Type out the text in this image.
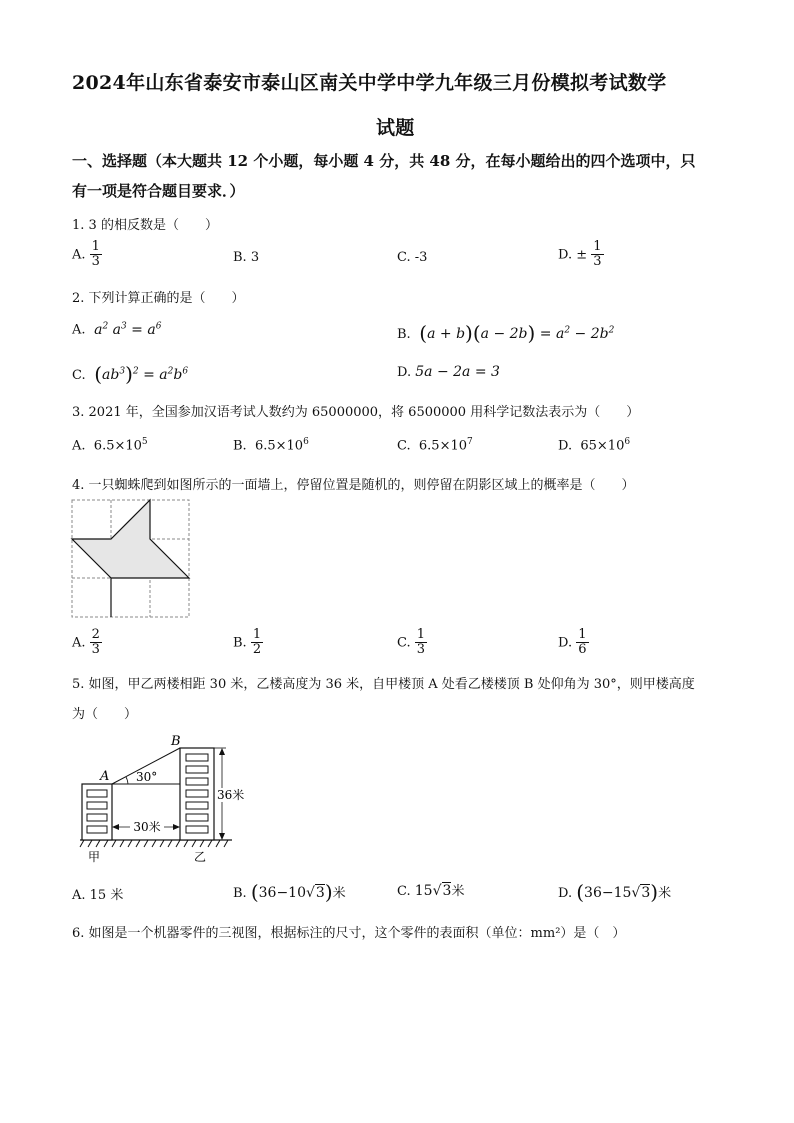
2024年山东省泰安市泰山区南关中学中学九年级三月份模拟考试数学
试题
一、选择题（本大题共 12 个小题，每小题 4 分，共 48 分，在每小题给出的四个选项中，只
有一项是符合题目要求．）
1. 3 的相反数是（　　）
A. $\frac{1}{3}$	B. 3	C. -3	D. ± $\frac{1}{3}$
2. 下列计算正确的是（　　）
A.  $a^2$ $a^3 = a^6$
B. $(a + b)(a - 2b) = a^2 - 2b^2$
C. $(ab^3)^2 = a^2b^6$	D. 5a − 2a = 3
3. 2021 年，全国参加汉语考试人数约为 65000000，将 6500000 用科学记数法表示为（　　）
A. $6.5\times 10^5$	B. $6.5\times 10^6$	C. $6.5\times 10^7$	D. $65\times 10^6$
4. 一只蜘蛛爬到如图所示的一面墙上，停留位置是随机的，则停留在阴影区域上的概率是（　　）
A. $\frac{2}{3}$	B. $\frac{1}{2}$	C. $\frac{1}{3}$	D. $\frac{1}{6}$
5. 如图，甲乙两楼相距 30 米，乙楼高度为 36 米，自甲楼顶 A 处看乙楼楼顶 B 处仰角为 30°，则甲楼高度
为（　　）
30米
A
B
30°
36米
甲	乙
A. 15 米	B. (36−10√3)米	C. 15√3米	D. (36−15√3)米
6. 如图是一个机器零件的三视图，根据标注的尺寸，这个零件的表面积（单位：mm²）是（　）
